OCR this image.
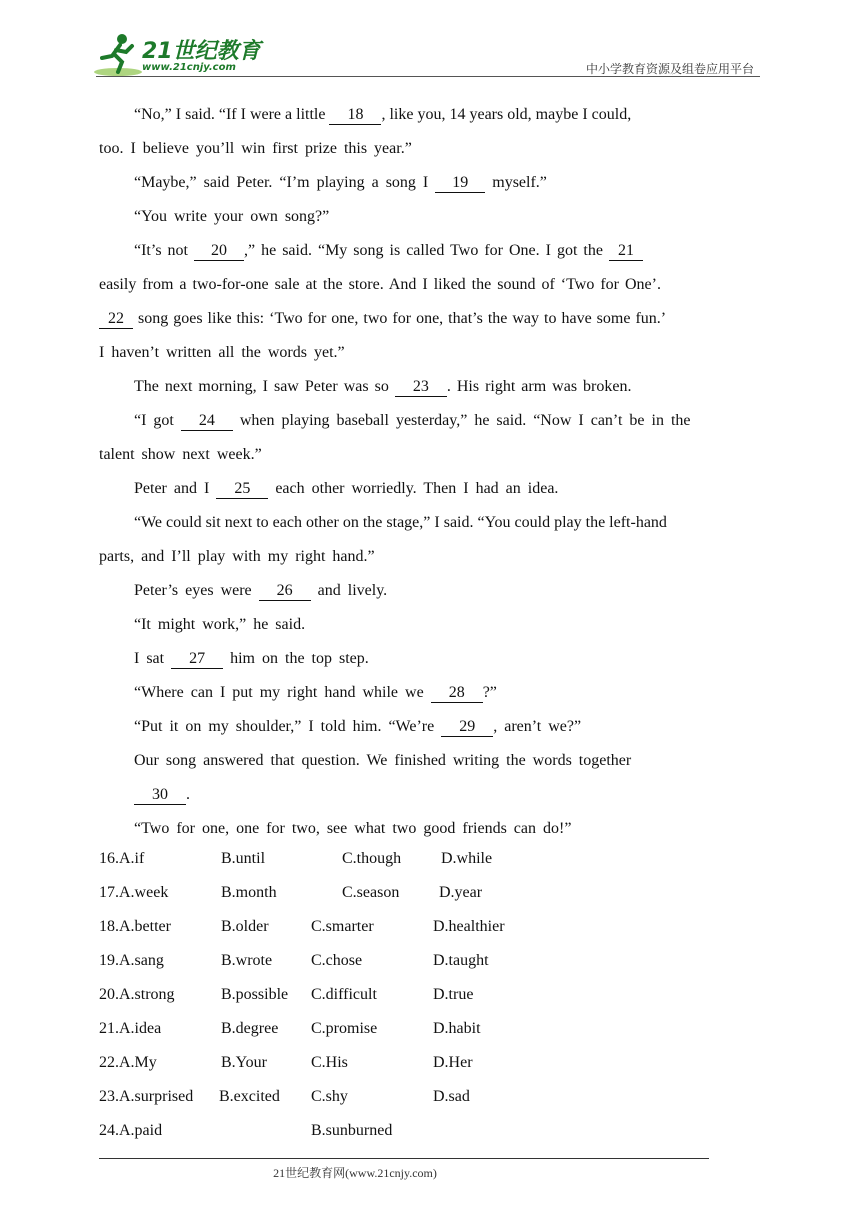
21世纪教育
www.21cnjy.com	中小学教育资源及组卷应用平台
“No,” I said. “If I were a little 18 , like you, 14 years old, maybe I could,
too. I believe you’ll win first prize this year.”
“Maybe,” said Peter. “I’m playing a song I 19 myself.”
“You write your own song?”
“It’s not 20 ,” he said. “My song is called Two for One. I got the 21
easily from a two-for-one sale at the store. And I liked the sound of ‘Two for One’.
22 song goes like this: ‘Two for one, two for one, that’s the way to have some fun.’
I haven’t written all the words yet.”
The next morning, I saw Peter was so 23 . His right arm was broken.
“I got 24 when playing baseball yesterday,” he said. “Now I can’t be in the
talent show next week.”
Peter and I 25 each other worriedly. Then I had an idea.
“We could sit next to each other on the stage,” I said. “You could play the left-hand
parts, and I’ll play with my right hand.”
Peter’s eyes were 26 and lively.
“It might work,” he said.
I sat 27 him on the top step.
“Where can I put my right hand while we 28 ?”
“Put it on my shoulder,” I told him. “We’re 29 , aren’t we?”
Our song answered that question. We finished writing the words together
30 .
“Two for one, one for two, see what two good friends can do!”
16.A.if	B.until	C.though D.while
17.A.week	B.month	C.season D.year
18.A.better	B.older	C.smarter	D.healthier
19.A.sang	B.wrote C.chose	D.taught
20.A.strong	B.possible C.difficult	D.true
21.A.idea	B.degree C.promise	D.habit
22.A.My	B.Your	C.His	D.Her
23.A.surprised B.excited C.shy	D.sad
24.A.paid	B.sunburned
21世纪教育网(www.21cnjy.com)
